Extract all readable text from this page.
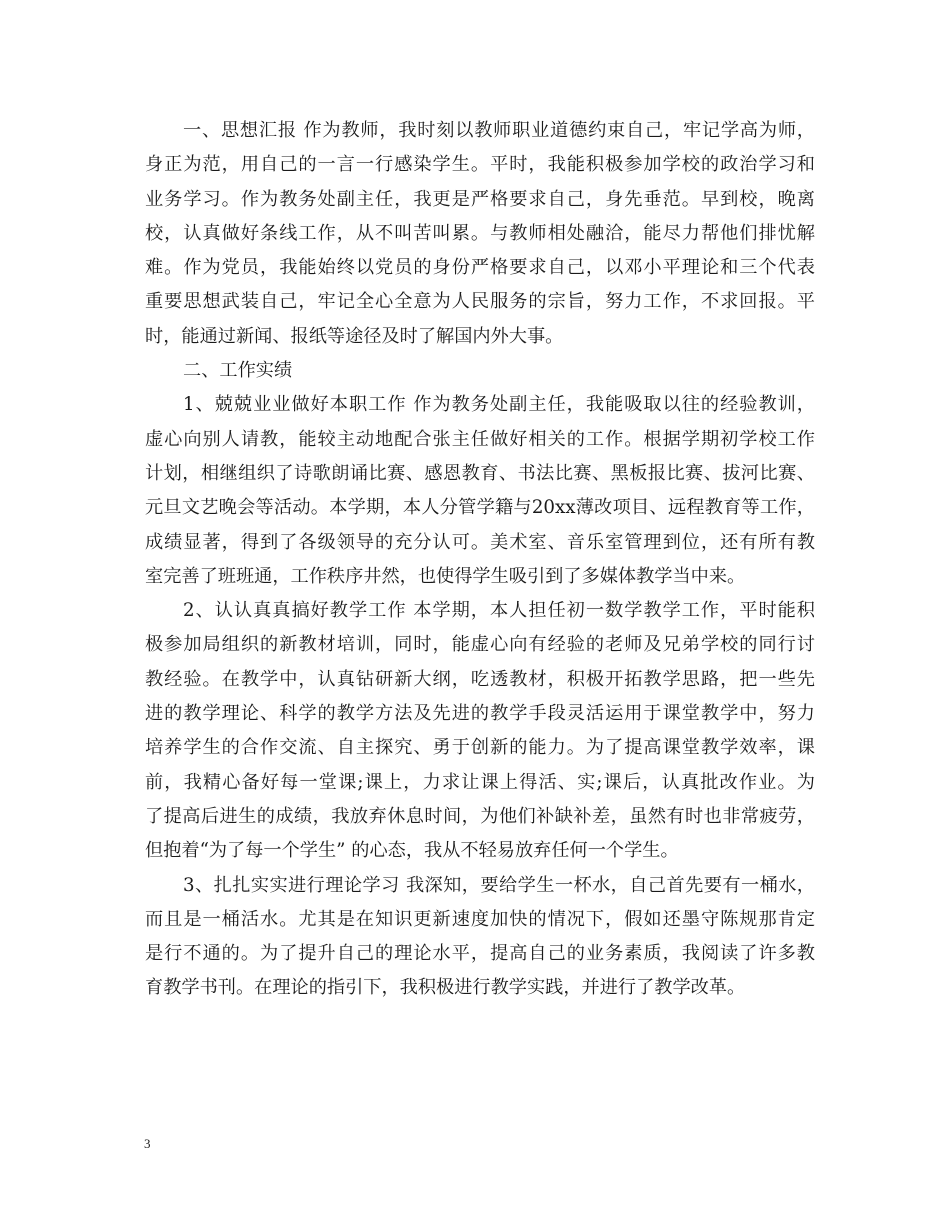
一、思想汇报 作为教师，我时刻以教师职业道德约束自己，牢记学高为师，
身正为范，用自己的一言一行感染学生。平时，我能积极参加学校的政治学习和
业务学习。作为教务处副主任，我更是严格要求自己，身先垂范。早到校，晚离
校，认真做好条线工作，从不叫苦叫累。与教师相处融洽，能尽力帮他们排忧解
难。作为党员，我能始终以党员的身份严格要求自己，以邓小平理论和三个代表
重要思想武装自己，牢记全心全意为人民服务的宗旨，努力工作，不求回报。平
时，能通过新闻、报纸等途径及时了解国内外大事。
二、工作实绩
1、兢兢业业做好本职工作 作为教务处副主任，我能吸取以往的经验教训，
虚心向别人请教，能较主动地配合张主任做好相关的工作。根据学期初学校工作
计划，相继组织了诗歌朗诵比赛、感恩教育、书法比赛、黑板报比赛、拔河比赛、
元旦文艺晚会等活动。本学期，本人分管学籍与20xx薄改项目、远程教育等工作，
成绩显著，得到了各级领导的充分认可。美术室、音乐室管理到位，还有所有教
室完善了班班通，工作秩序井然，也使得学生吸引到了多媒体教学当中来。
2、认认真真搞好教学工作 本学期，本人担任初一数学教学工作，平时能积
极参加局组织的新教材培训，同时，能虚心向有经验的老师及兄弟学校的同行讨
教经验。在教学中，认真钻研新大纲，吃透教材，积极开拓教学思路，把一些先
进的教学理论、科学的教学方法及先进的教学手段灵活运用于课堂教学中，努力
培养学生的合作交流、自主探究、勇于创新的能力。为了提高课堂教学效率，课
前，我精心备好每一堂课;课上，力求让课上得活、实;课后，认真批改作业。为
了提高后进生的成绩，我放弃休息时间，为他们补缺补差，虽然有时也非常疲劳，
但抱着“为了每一个学生” 的心态，我从不轻易放弃任何一个学生。
3、扎扎实实进行理论学习 我深知，要给学生一杯水，自己首先要有一桶水，
而且是一桶活水。尤其是在知识更新速度加快的情况下，假如还墨守陈规那肯定
是行不通的。为了提升自己的理论水平，提高自己的业务素质，我阅读了许多教
育教学书刊。在理论的指引下，我积极进行教学实践，并进行了教学改革。
3
